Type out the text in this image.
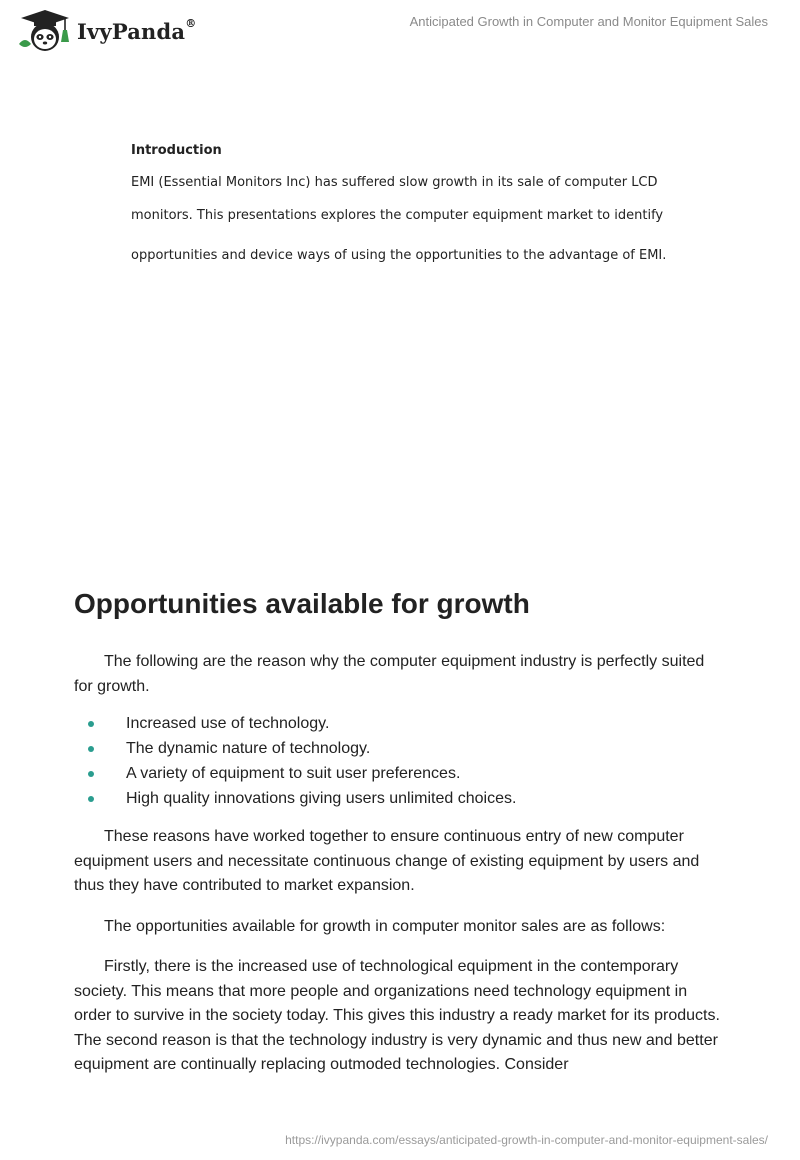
IvyPanda®	Anticipated Growth in Computer and Monitor Equipment Sales

Introduction

EMI (Essential Monitors Inc) has suffered slow growth in its sale of computer LCD

monitors. This presentations explores the computer equipment market to identify

opportunities and device ways of using the opportunities to the advantage of EMI.

Opportunities available for growth

The following are the reason why the computer equipment industry is perfectly suited for growth.

Increased use of technology.
The dynamic nature of technology.
A variety of equipment to suit user preferences.
High quality innovations giving users unlimited choices.

These reasons have worked together to ensure continuous entry of new computer equipment users and necessitate continuous change of existing equipment by users and thus they have contributed to market expansion.

The opportunities available for growth in computer monitor sales are as follows:

Firstly, there is the increased use of technological equipment in the contemporary society. This means that more people and organizations need technology equipment in order to survive in the society today. This gives this industry a ready market for its products. The second reason is that the technology industry is very dynamic and thus new and better equipment are continually replacing outmoded technologies. Consider

https://ivypanda.com/essays/anticipated-growth-in-computer-and-monitor-equipment-sales/
